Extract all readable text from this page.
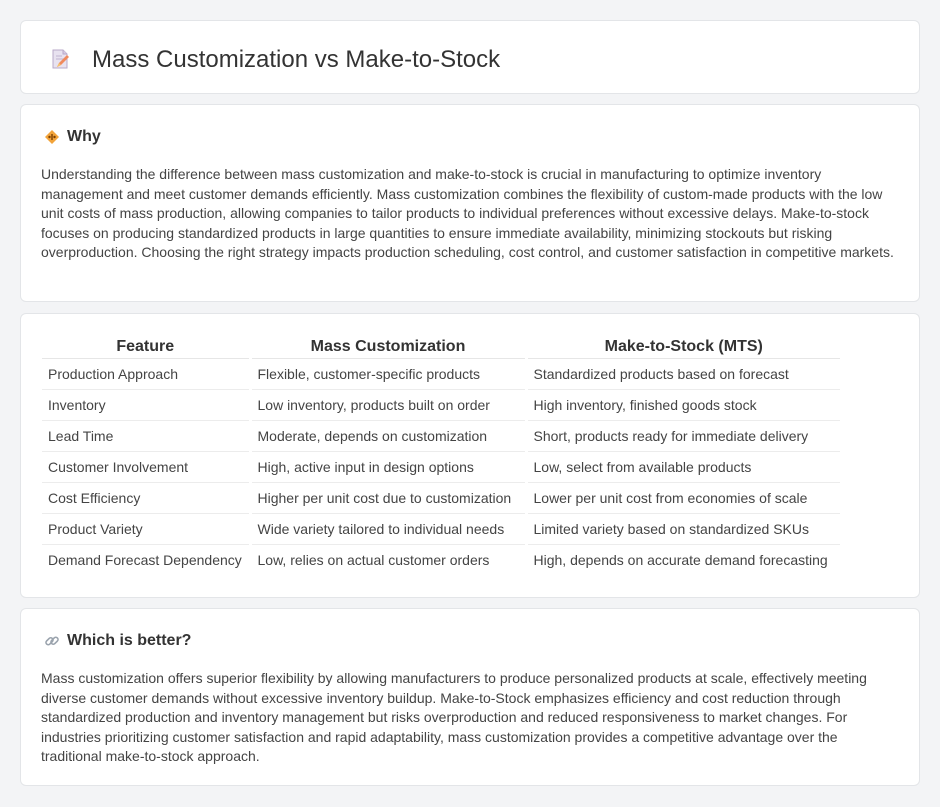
Mass Customization vs Make-to-Stock
Why

Understanding the difference between mass customization and make-to-stock is crucial in manufacturing to optimize inventory management and meet customer demands efficiently. Mass customization combines the flexibility of custom-made products with the low unit costs of mass production, allowing companies to tailor products to individual preferences without excessive delays. Make-to-stock focuses on producing standardized products in large quantities to ensure immediate availability, minimizing stockouts but risking overproduction. Choosing the right strategy impacts production scheduling, cost control, and customer satisfaction in competitive markets.

Feature	Mass Customization	Make-to-Stock (MTS)
Production Approach	Flexible, customer-specific products	Standardized products based on forecast
Inventory	Low inventory, products built on order	High inventory, finished goods stock
Lead Time	Moderate, depends on customization	Short, products ready for immediate delivery
Customer Involvement	High, active input in design options	Low, select from available products
Cost Efficiency	Higher per unit cost due to customization	Lower per unit cost from economies of scale
Product Variety	Wide variety tailored to individual needs	Limited variety based on standardized SKUs
Demand Forecast Dependency	Low, relies on actual customer orders	High, depends on accurate demand forecasting
Which is better?

Mass customization offers superior flexibility by allowing manufacturers to produce personalized products at scale, effectively meeting diverse customer demands without excessive inventory buildup. Make-to-Stock emphasizes efficiency and cost reduction through standardized production and inventory management but risks overproduction and reduced responsiveness to market changes. For industries prioritizing customer satisfaction and rapid adaptability, mass customization provides a competitive advantage over the traditional make-to-stock approach.
